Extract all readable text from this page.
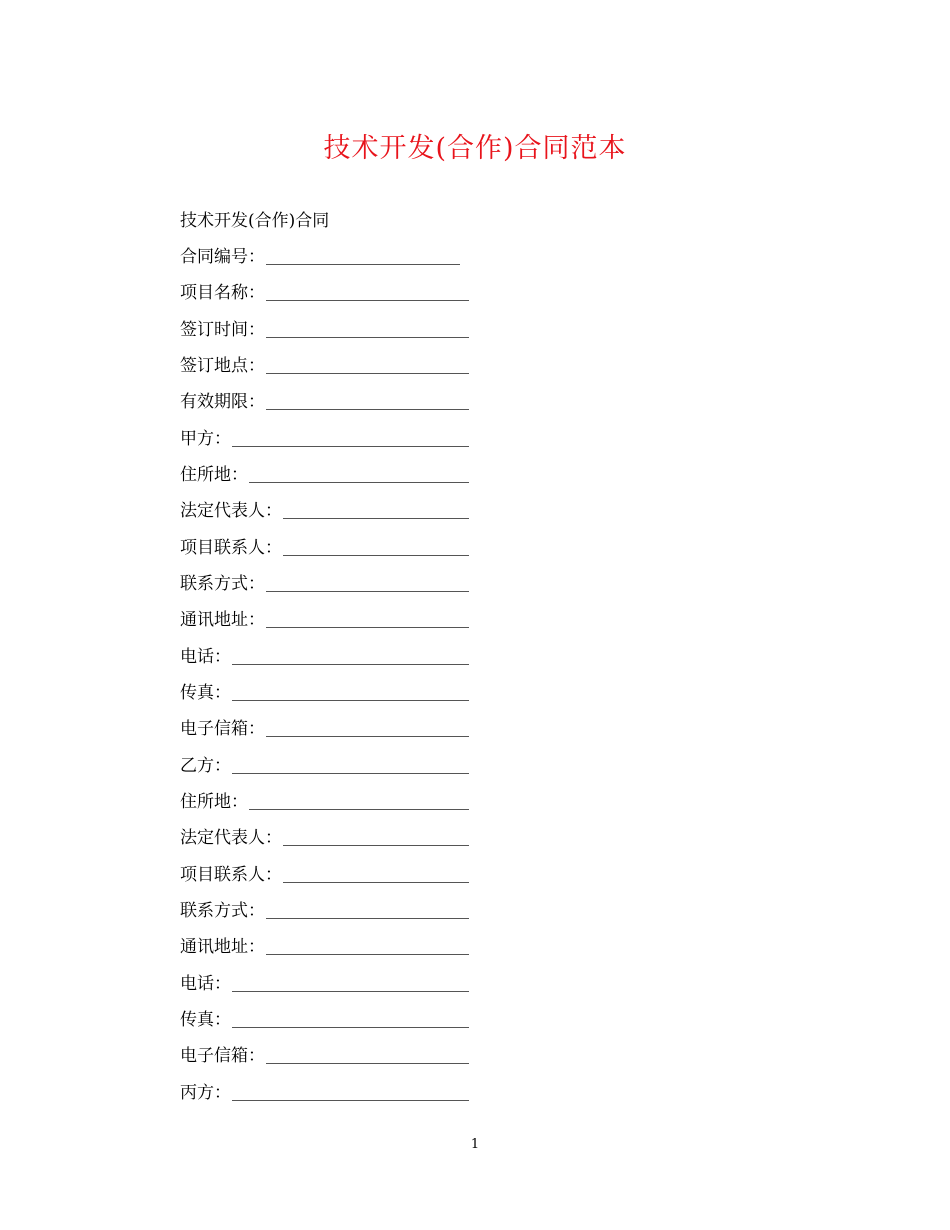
技术开发(合作)合同范本
技术开发(合作)合同
合同编号：
项目名称：
签订时间：
签订地点：
有效期限：
甲方：
住所地：
法定代表人：
项目联系人：
联系方式：
通讯地址：
电话：
传真：
电子信箱：
乙方：
住所地：
法定代表人：
项目联系人：
联系方式：
通讯地址：
电话：
传真：
电子信箱：
丙方：
1
